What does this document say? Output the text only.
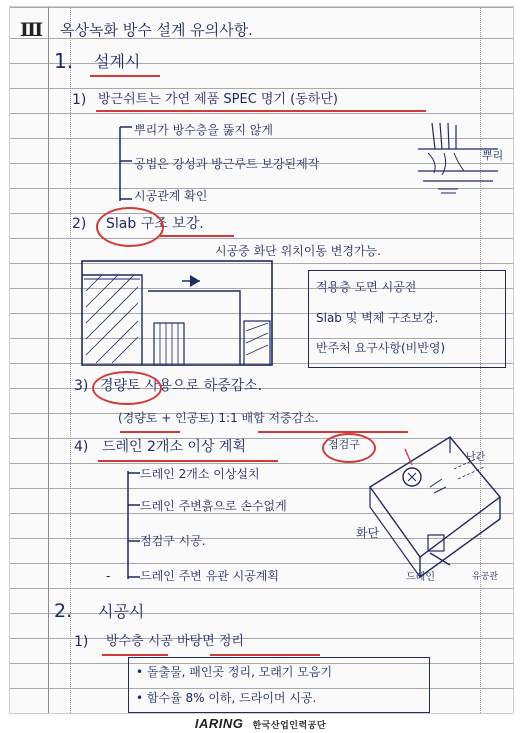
Ⅲ 옥상녹화 방수 설계 유의사항.
1. 설계시
1) 방근쉬트는 가연 제품 SPEC 명기 (동하단)
뿌리가 방수층을 뚫지 않게
공법은 강성과 방근루트 보강된제작
시공관계 확인
뿌리
2) Slab 구조 보강.
시공중 화단 위치이동 변경가능.
적용층 도면 시공전
Slab 및 벽체 구조보강.
반주처 요구사항(비반영)
3) 경량토 사용으로 하중감소.
(경량토 + 인공토) 1:1 배합 저중감소.
4) 드레인 2개소 이상 계획	점검구
드레인 2개소 이상설치
드레인 주변흙으로 손수없게
점검구 시공.
드레인 주변 유관 시공계획
-
난간
화단
드레인	유공관
2. 시공시
1) 방수층 시공 바탕면 정리
• 돌출물, 패인곳 정리, 모래기 모음기
• 함수율 8% 이하, 드라이머 시공.
IARING 한국산업인력공단
